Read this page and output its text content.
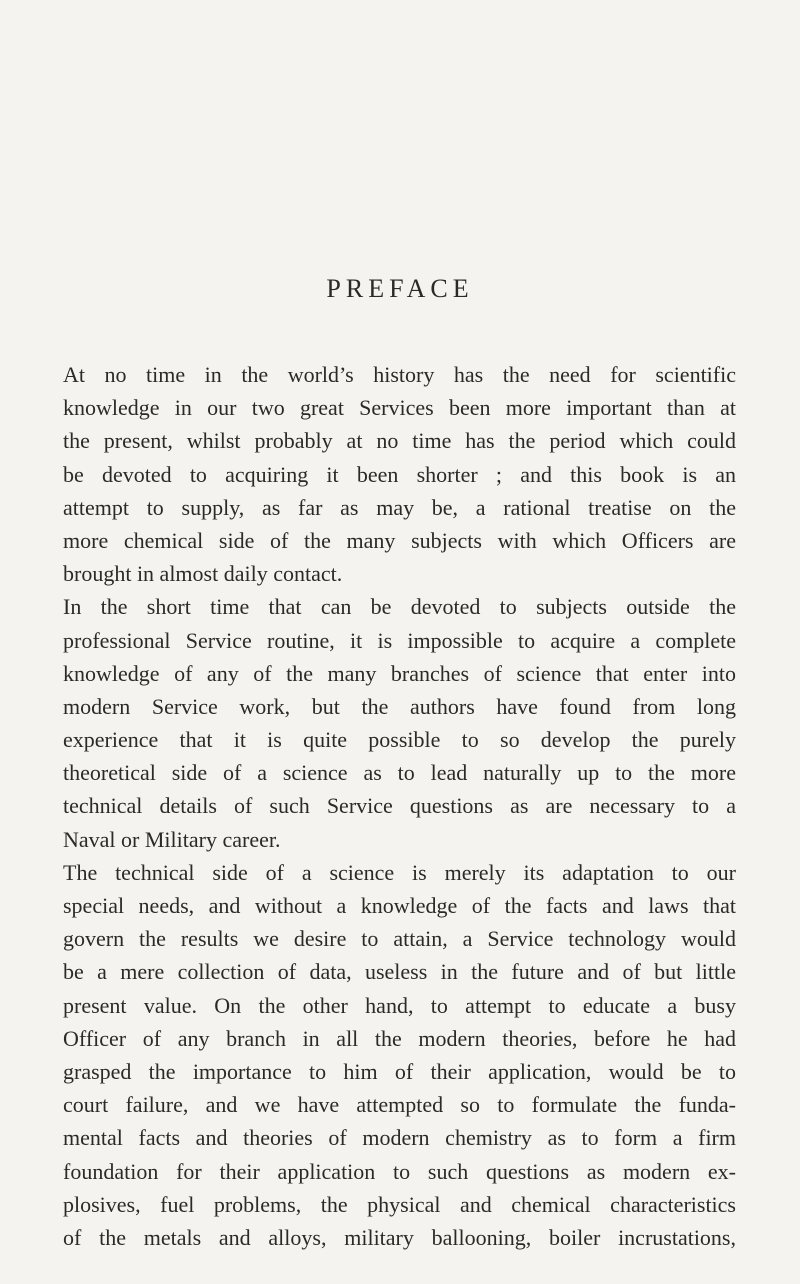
PREFACE
At no time in the world’s history has the need for scientific
knowledge in our two great Services been more important than at
the present, whilst probably at no time has the period which could
be devoted to acquiring it been shorter ; and this book is an
attempt to supply, as far as may be, a rational treatise on the
more chemical side of the many subjects with which Officers are
brought in almost daily contact.
In the short time that can be devoted to subjects outside the
professional Service routine, it is impossible to acquire a complete
knowledge of any of the many branches of science that enter into
modern Service work, but the authors have found from long
experience that it is quite possible to so develop the purely
theoretical side of a science as to lead naturally up to the more
technical details of such Service questions as are necessary to a
Naval or Military career.
The technical side of a science is merely its adaptation to our
special needs, and without a knowledge of the facts and laws that
govern the results we desire to attain, a Service technology would
be a mere collection of data, useless in the future and of but little
present value. On the other hand, to attempt to educate a busy
Officer of any branch in all the modern theories, before he had
grasped the importance to him of their application, would be to
court failure, and we have attempted so to formulate the funda-
mental facts and theories of modern chemistry as to form a firm
foundation for their application to such questions as modern ex-
plosives, fuel problems, the physical and chemical characteristics
of the metals and alloys, military ballooning, boiler incrustations,
